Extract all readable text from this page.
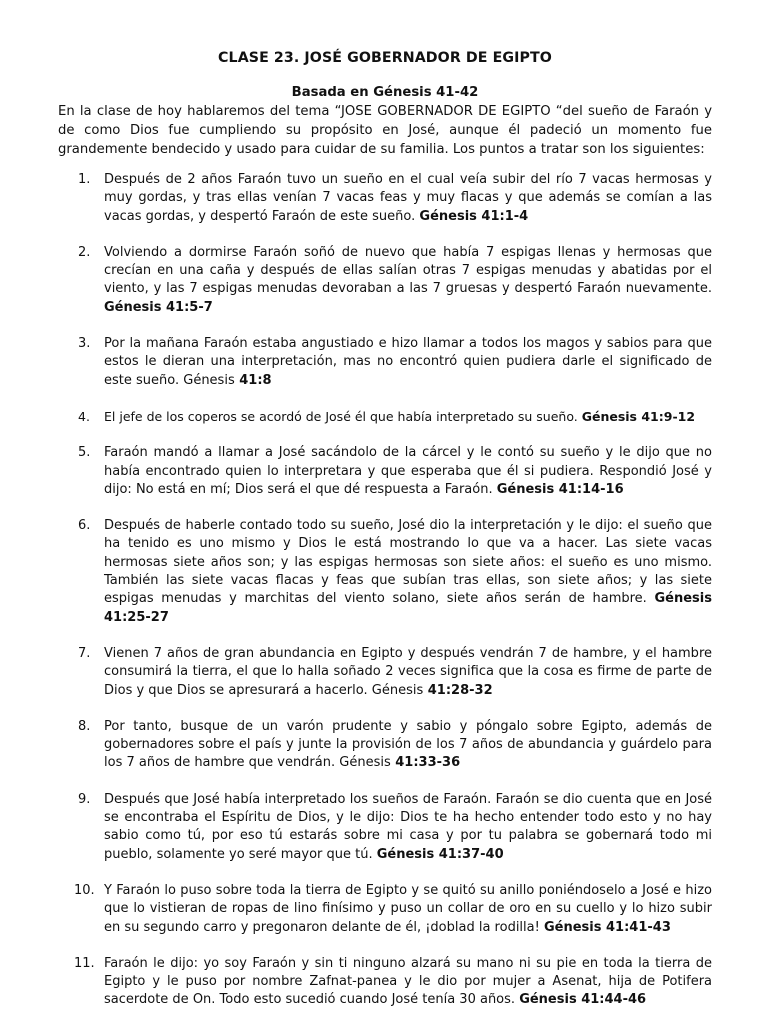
CLASE 23. JOSÉ GOBERNADOR DE EGIPTO
Basada en Génesis 41-42

En la clase de hoy hablaremos del tema “JOSE GOBERNADOR DE EGIPTO “del sueño de Faraón y de como Dios fue cumpliendo su propósito en José, aunque él padeció un momento fue grandemente bendecido y usado para cuidar de su familia. Los puntos a tratar son los siguientes:

1. Después de 2 años Faraón tuvo un sueño en el cual veía subir del río 7 vacas hermosas y muy gordas, y tras ellas venían 7 vacas feas y muy flacas y que además se comían a las vacas gordas, y despertó Faraón de este sueño. Génesis 41:1-4
2. Volviendo a dormirse Faraón soñó de nuevo que había 7 espigas llenas y hermosas que crecían en una caña y después de ellas salían otras 7 espigas menudas y abatidas por el viento, y las 7 espigas menudas devoraban a las 7 gruesas y despertó Faraón nuevamente. Génesis 41:5-7
3. Por la mañana Faraón estaba angustiado e hizo llamar a todos los magos y sabios para que estos le dieran una interpretación, mas no encontró quien pudiera darle el significado de este sueño. Génesis 41:8
4. El jefe de los coperos se acordó de José él que había interpretado su sueño. Génesis 41:9-12
5. Faraón mandó a llamar a José sacándolo de la cárcel y le contó su sueño y le dijo que no había encontrado quien lo interpretara y que esperaba que él si pudiera. Respondió José y dijo: No está en mí; Dios será el que dé respuesta a Faraón. Génesis 41:14-16
6. Después de haberle contado todo su sueño, José dio la interpretación y le dijo: el sueño que ha tenido es uno mismo y Dios le está mostrando lo que va a hacer. Las siete vacas hermosas siete años son; y las espigas hermosas son siete años: el sueño es uno mismo. También las siete vacas flacas y feas que subían tras ellas, son siete años; y las siete espigas menudas y marchitas del viento solano, siete años serán de hambre. Génesis 41:25-27
7. Vienen 7 años de gran abundancia en Egipto y después vendrán 7 de hambre, y el hambre consumirá la tierra, el que lo halla soñado 2 veces significa que la cosa es firme de parte de Dios y que Dios se apresurará a hacerlo. Génesis 41:28-32
8. Por tanto, busque de un varón prudente y sabio y póngalo sobre Egipto, además de gobernadores sobre el país y junte la provisión de los 7 años de abundancia y guárdelo para los 7 años de hambre que vendrán. Génesis 41:33-36
9. Después que José había interpretado los sueños de Faraón. Faraón se dio cuenta que en José se encontraba el Espíritu de Dios, y le dijo: Dios te ha hecho entender todo esto y no hay sabio como tú, por eso tú estarás sobre mi casa y por tu palabra se gobernará todo mi pueblo, solamente yo seré mayor que tú. Génesis 41:37-40
10. Y Faraón lo puso sobre toda la tierra de Egipto y se quitó su anillo poniéndoselo a José e hizo que lo vistieran de ropas de lino finísimo y puso un collar de oro en su cuello y lo hizo subir en su segundo carro y pregonaron delante de él, ¡doblad la rodilla! Génesis 41:41-43
11. Faraón le dijo: yo soy Faraón y sin ti ninguno alzará su mano ni su pie en toda la tierra de Egipto y le puso por nombre Zafnat-panea y le dio por mujer a Asenat, hija de Potifera sacerdote de On. Todo esto sucedió cuando José tenía 30 años. Génesis 41:44-46
